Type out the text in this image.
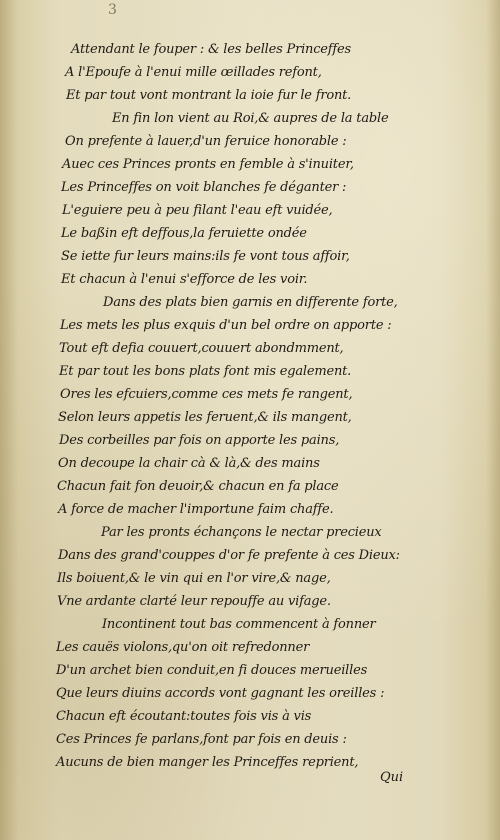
3
Attendant le fouper : & les belles Princeffes
A l'Epoufe à l'enui mille œillades refont,
Et par tout vont montrant la ioie fur le front.
En fin lon vient au Roi,& aupres de la table
On prefente à lauer,d'un feruice honorable :
Auec ces Princes pronts en femble à s'inuiter,
Les Princeffes on voit blanches fe déganter :
L'eguiere peu à peu filant l'eau eft vuidée,
Le baßin eft deffous,la feruiette ondée
Se iette fur leurs mains:ils fe vont tous affoir,
Et chacun à l'enui s'efforce de les voir.
Dans des plats bien garnis en differente forte,
Les mets les plus exquis d'un bel ordre on apporte :
Tout eft defia couuert,couuert abondmment,
Et par tout les bons plats font mis egalement.
Ores les efcuiers,comme ces mets fe rangent,
Selon leurs appetis les feruent,& ils mangent,
Des corbeilles par fois on apporte les pains,
On decoupe la chair cà & là,& des mains
Chacun fait fon deuoir,& chacun en fa place
A force de macher l'importune faim chaffe.
Par les pronts échançons le nectar precieux
Dans des grand'couppes d'or fe prefente à ces Dieux:
Ils boiuent,& le vin qui en l'or vire,& nage,
Vne ardante clarté leur repouffe au vifage.
Incontinent tout bas commencent à fonner
Les cauës violons,qu'on oit refredonner
D'un archet bien conduit,en fi douces merueilles
Que leurs diuins accords vont gagnant les oreilles :
Chacun eft écoutant:toutes fois vis à vis
Ces Princes fe parlans,font par fois en deuis :
Aucuns de bien manger les Princeffes reprient,
Qui
